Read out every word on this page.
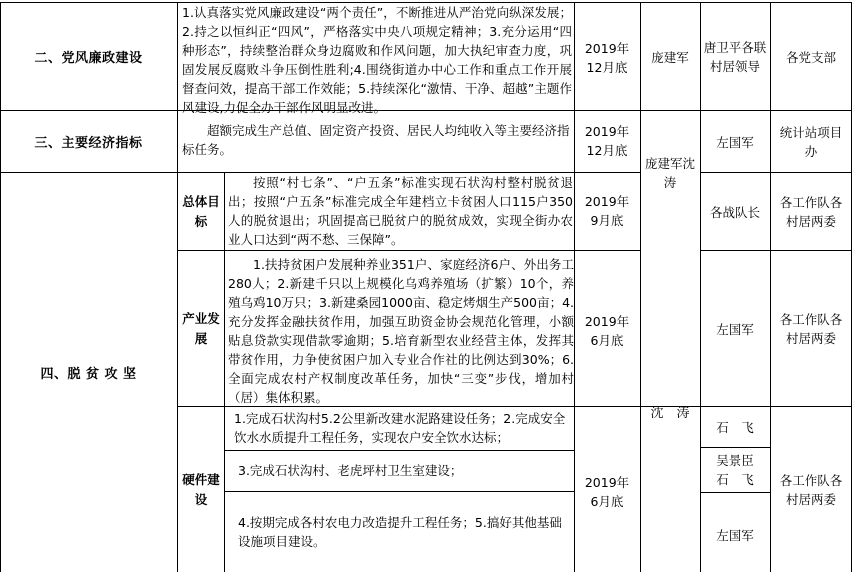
二、党风廉政建设
1.认真落实党风廉政建设“两个责任”，不断推进从严治党向纵深发展；2.持之以恒纠正“四风”，严格落实中央八项规定精神；3.充分运用“四种形态”，持续整治群众身边腐败和作风问题，加大执纪审查力度，巩固发展反腐败斗争压倒性胜利;4.围绕街道办中心工作和重点工作开展督查问效，提高干部工作效能；5.持续深化“激情、干净、超越”主题作风建设,力促全办干部作风明显改进。
2019年12月底
庞建军
唐卫平各联村居领导
各党支部
三、主要经济指标
超额完成生产总值、固定资产投资、居民人均纯收入等主要经济指标任务。
2019年12月底
左国军
统计站项目办
庞建军沈　涛
四、脱 贫 攻 坚
总体目标
按照“村七条”、“户五条”标准实现石状沟村整村脱贫退出；按照“户五条”标准完成全年建档立卡贫困人口115户350人的脱贫退出；巩固提高已脱贫户的脱贫成效，实现全街办农业人口达到“两不愁、三保障”。
2019年9月底
各战队长
各工作队各村居两委
沈　涛
产业发展
1.扶持贫困户发展种养业351户、家庭经济6户、外出务工280人；2.新建千只以上规模化乌鸡养殖场（扩繁）10个，养殖乌鸡10万只；3.新建桑园1000亩、稳定烤烟生产500亩；4.充分发挥金融扶贫作用，加强互助资金协会规范化管理，小额贴息贷款实现借款零逾期；5.培育新型农业经营主体，发挥其带贫作用，力争使贫困户加入专业合作社的比例达到30%；6.全面完成农村产权制度改革任务，加快“三变”步伐，增加村（居）集体积累。
2019年6月底
左国军
各工作队各村居两委
硬件建设
1.完成石状沟村5.2公里新改建水泥路建设任务；2.完成安全饮水水质提升工程任务，实现农户安全饮水达标；
3.完成石状沟村、老虎坪村卫生室建设；
4.按期完成各村农电力改造提升工程任务；5.搞好其他基础设施项目建设。
2019年6月底
石　飞
吴景臣石　飞
左国军
各工作队各村居两委
